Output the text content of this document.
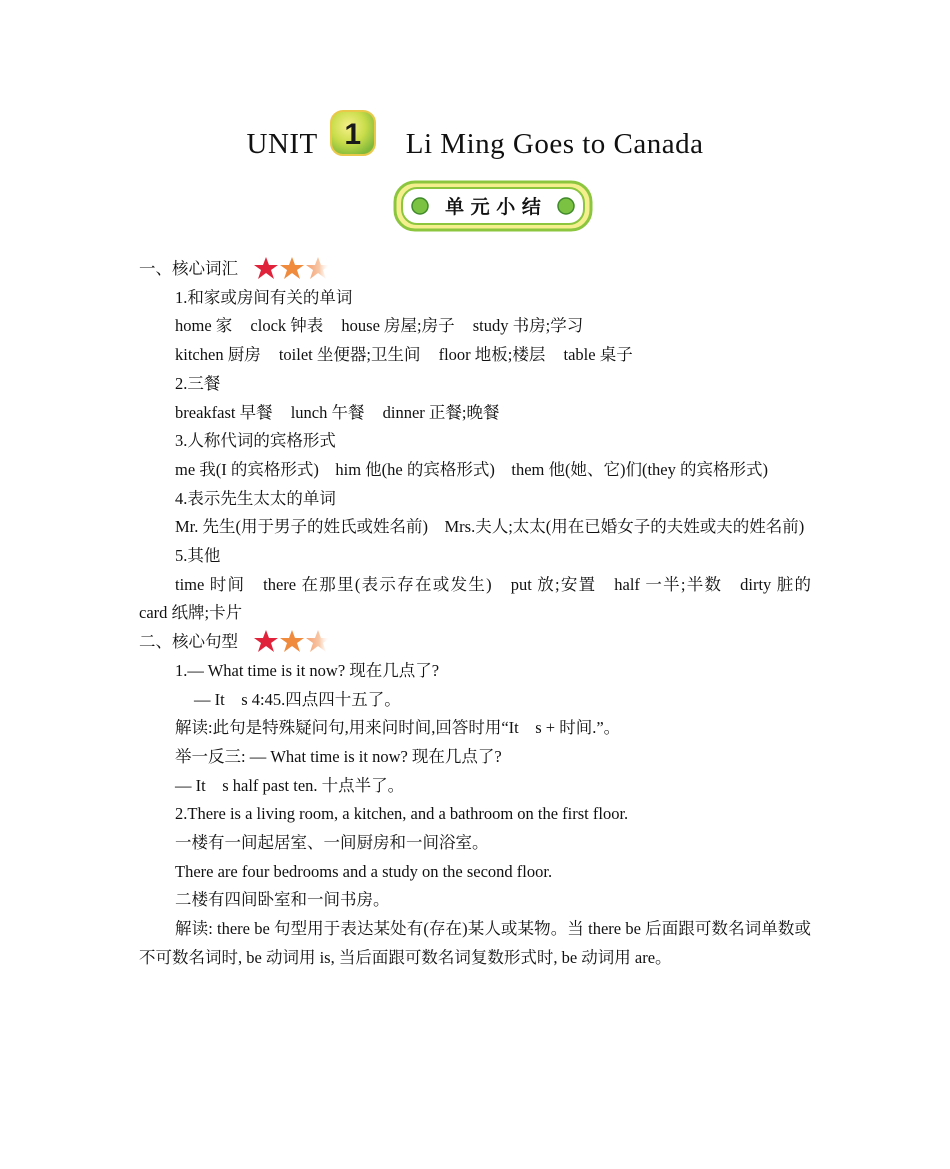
UNIT 1 Li Ming Goes to Canada
单 元 小 结
一、核心词汇
1.和家或房间有关的单词
home 家 clock 钟表 house 房屋;房子 study 书房;学习
kitchen 厨房 toilet 坐便器;卫生间 floor 地板;楼层 table 桌子
2.三餐
breakfast 早餐 lunch 午餐 dinner 正餐;晚餐
3.人称代词的宾格形式
me 我(I 的宾格形式)　him 他(he 的宾格形式)　them 他(她、它)们(they 的宾格形式)
4.表示先生太太的单词
Mr. 先生(用于男子的姓氏或姓名前)　Mrs.夫人;太太(用在已婚女子的夫姓或夫的姓名前)
5.其他
time 时间　there 在那里(表示存在或发生)　put 放;安置　half 一半;半数　dirty 脏的　card 纸牌;卡片
二、核心句型
1.— What time is it now? 现在几点了?
— It　s 4:45.四点四十五了。
解读:此句是特殊疑问句,用来问时间,回答时用“It　s + 时间.”。
举一反三: — What time is it now? 现在几点了?
— It　s half past ten. 十点半了。
2.There is a living room, a kitchen, and a bathroom on the first floor.
一楼有一间起居室、一间厨房和一间浴室。
There are four bedrooms and a study on the second floor.
二楼有四间卧室和一间书房。
解读: there be 句型用于表达某处有(存在)某人或某物。当 there be 后面跟可数名词单数或不可数名词时, be 动词用 is, 当后面跟可数名词复数形式时, be 动词用 are。
